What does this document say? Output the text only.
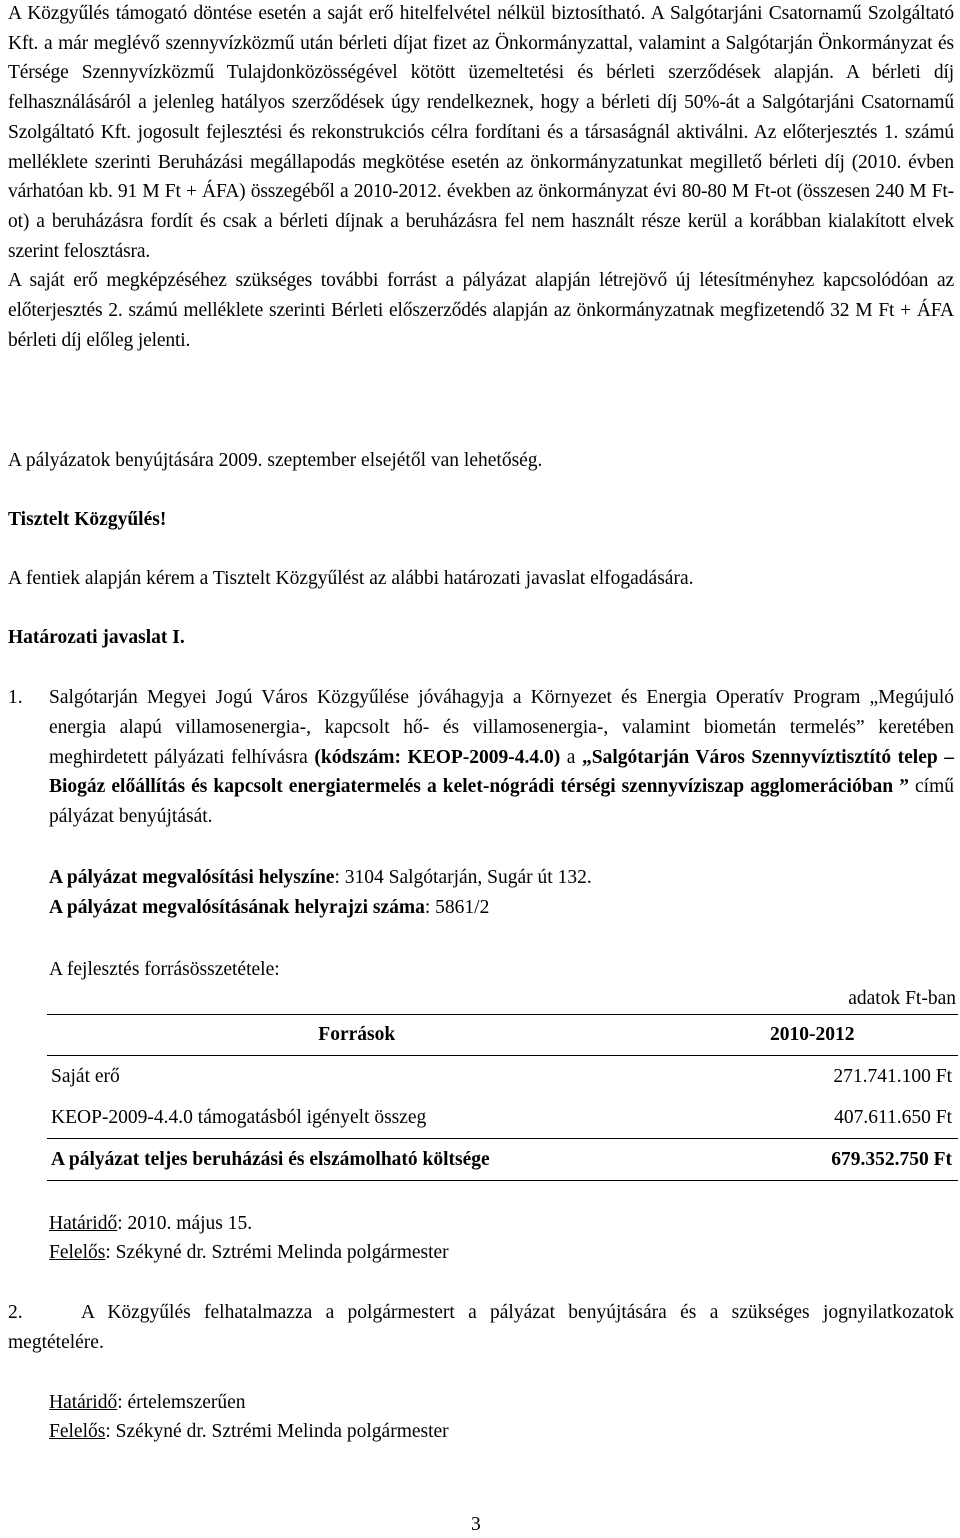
A Közgyűlés támogató döntése esetén a saját erő hitelfelvétel nélkül biztosítható. A Salgótarjáni Csatornamű Szolgáltató Kft. a már meglévő szennyvízközmű után bérleti díjat fizet az Önkormányzattal, valamint a Salgótarján Önkormányzat és Térsége Szennyvízközmű Tulajdonközösségével kötött üzemeltetési és bérleti szerződések alapján. A bérleti díj felhasználásáról a jelenleg hatályos szerződések úgy rendelkeznek, hogy a bérleti díj 50%-át a Salgótarjáni Csatornamű Szolgáltató Kft. jogosult fejlesztési és rekonstrukciós célra fordítani és a társaságnál aktiválni. Az előterjesztés 1. számú melléklete szerinti Beruházási megállapodás megkötése esetén az önkormányzatunkat megillető bérleti díj (2010. évben várhatóan kb. 91 M Ft + ÁFA) összegéből a 2010-2012. években az önkormányzat évi 80-80 M Ft-ot (összesen 240 M Ft-ot) a beruházásra fordít és csak a bérleti díjnak a beruházásra fel nem használt része kerül a korábban kialakított elvek szerint felosztásra.
A saját erő megképzéséhez szükséges további forrást a pályázat alapján létrejövő új létesítményhez kapcsolódóan az előterjesztés 2. számú melléklete szerinti Bérleti előszerződés alapján az önkormányzatnak megfizetendő 32 M Ft + ÁFA bérleti díj előleg jelenti.
A pályázatok benyújtására 2009. szeptember elsejétől van lehetőség.
Tisztelt Közgyűlés!
A fentiek alapján kérem a Tisztelt Közgyűlést az alábbi határozati javaslat elfogadására.
Határozati javaslat I.
1. Salgótarján Megyei Jogú Város Közgyűlése jóváhagyja a Környezet és Energia Operatív Program „Megújuló energia alapú villamosenergia-, kapcsolt hő- és villamosenergia-, valamint biometán termelés” keretében meghirdetett pályázati felhívásra (kódszám: KEOP-2009-4.4.0) a „Salgótarján Város Szennyvíztisztító telep – Biogáz előállítás és kapcsolt energiatermelés a kelet-nógrádi térségi szennyvíziszap agglomerációban ” című pályázat benyújtását.
A pályázat megvalósítási helyszíne: 3104 Salgótarján, Sugár út 132.
A pályázat megvalósításának helyrajzi száma: 5861/2
A fejlesztés forrásösszetétele:
adatok Ft-ban
Források	2010-2012
Saját erő	271.741.100 Ft
KEOP-2009-4.4.0 támogatásból igényelt összeg	407.611.650 Ft
A pályázat teljes beruházási és elszámolható költsége	679.352.750 Ft
Határidő: 2010. május 15.
Felelős: Székyné dr. Sztrémi Melinda polgármester
2.	A Közgyűlés felhatalmazza a polgármestert a pályázat benyújtására és a szükséges jognyilatkozatok megtételére.
Határidő: értelemszerűen
Felelős: Székyné dr. Sztrémi Melinda polgármester
3
